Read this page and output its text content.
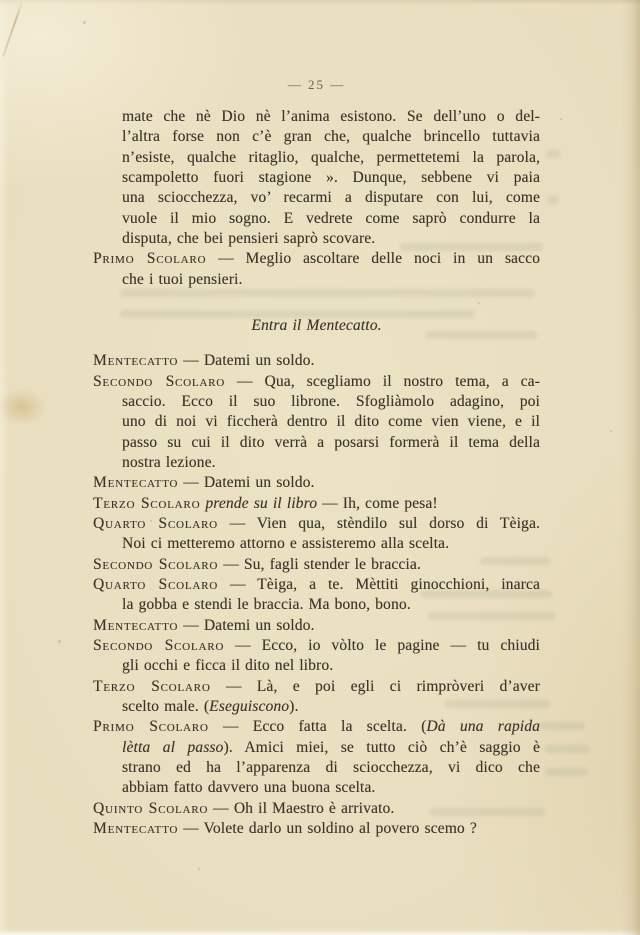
— 25 —
mate che nè Dio nè l’anima esistono. Se dell’uno o del-
l’altra forse non c’è gran che, qualche brincello tuttavia
n’esiste, qualche ritaglio, qualche, permettetemi la parola,
scampoletto fuori stagione ». Dunque, sebbene vi paia
una sciocchezza, vo’ recarmi a disputare con lui, come
vuole il mio sogno. E vedrete come saprò condurre la
disputa, che bei pensieri saprò scovare.
Primo Scolaro — Meglio ascoltare delle noci in un sacco
che i tuoi pensieri.
Entra il Mentecatto.
Mentecatto — Datemi un soldo.
Secondo Scolaro — Qua, scegliamo il nostro tema, a ca-
saccio. Ecco il suo librone. Sfogliàmolo adagino, poi
uno di noi vi ficcherà dentro il dito come vien viene, e il
passo su cui il dito verrà a posarsi formerà il tema della
nostra lezione.
Mentecatto — Datemi un soldo.
Terzo Scolaro prende su il libro — Ih, come pesa!
Quarto Scolaro — Vien qua, stèndilo sul dorso di Tèiga.
Noi ci metteremo attorno e assisteremo alla scelta.
Secondo Scolaro — Su, fagli stender le braccia.
Quarto Scolaro — Tèiga, a te. Mèttiti ginocchioni, inarca
la gobba e stendi le braccia. Ma bono, bono.
Mentecatto — Datemi un soldo.
Secondo Scolaro — Ecco, io vòlto le pagine — tu chiudi
gli occhi e ficca il dito nel libro.
Terzo Scolaro — Là, e poi egli ci rimpròveri d’aver
scelto male. (Eseguiscono).
Primo Scolaro — Ecco fatta la scelta. (Dà una rapida
lètta al passo). Amici miei, se tutto ciò ch’è saggio è
strano ed ha l’apparenza di sciocchezza, vi dico che
abbiam fatto davvero una buona scelta.
Quinto Scolaro — Oh il Maestro è arrivato.
Mentecatto — Volete darlo un soldino al povero scemo ?
